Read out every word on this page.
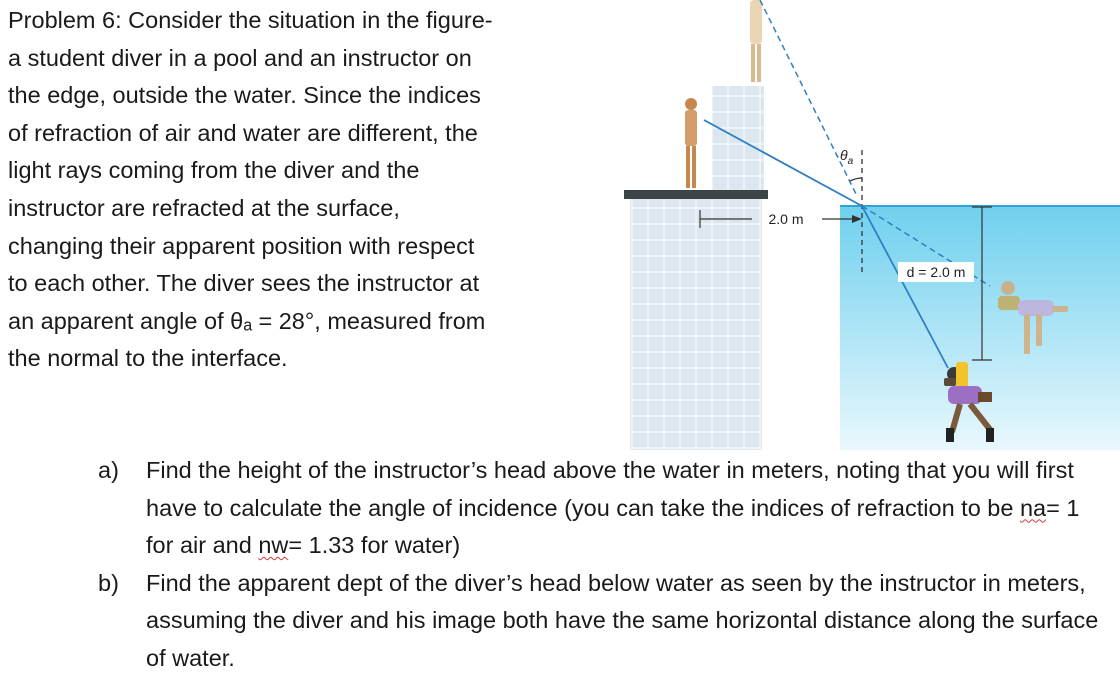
Problem 6: Consider the situation in the figure-

a student diver in a pool and an instructor on

the edge, outside the water. Since the indices

of refraction of air and water are different, the

light rays coming from the diver and the

instructor are refracted at the surface,

changing their apparent position with respect

to each other. The diver sees the instructor at

an apparent angle of θₐ = 28°, measured from

the normal to the interface.

$\theta_a$
2.0 m
d = 2.0 m
a)	Find the height of the instructor’s head above the water in meters, noting that you will first have to calculate the angle of incidence (you can take the indices of refraction to be na= 1 for air and nw= 1.33 for water)
b)	Find the apparent dept of the diver’s head below water as seen by the instructor in meters, assuming the diver and his image both have the same horizontal distance along the surface of water.
